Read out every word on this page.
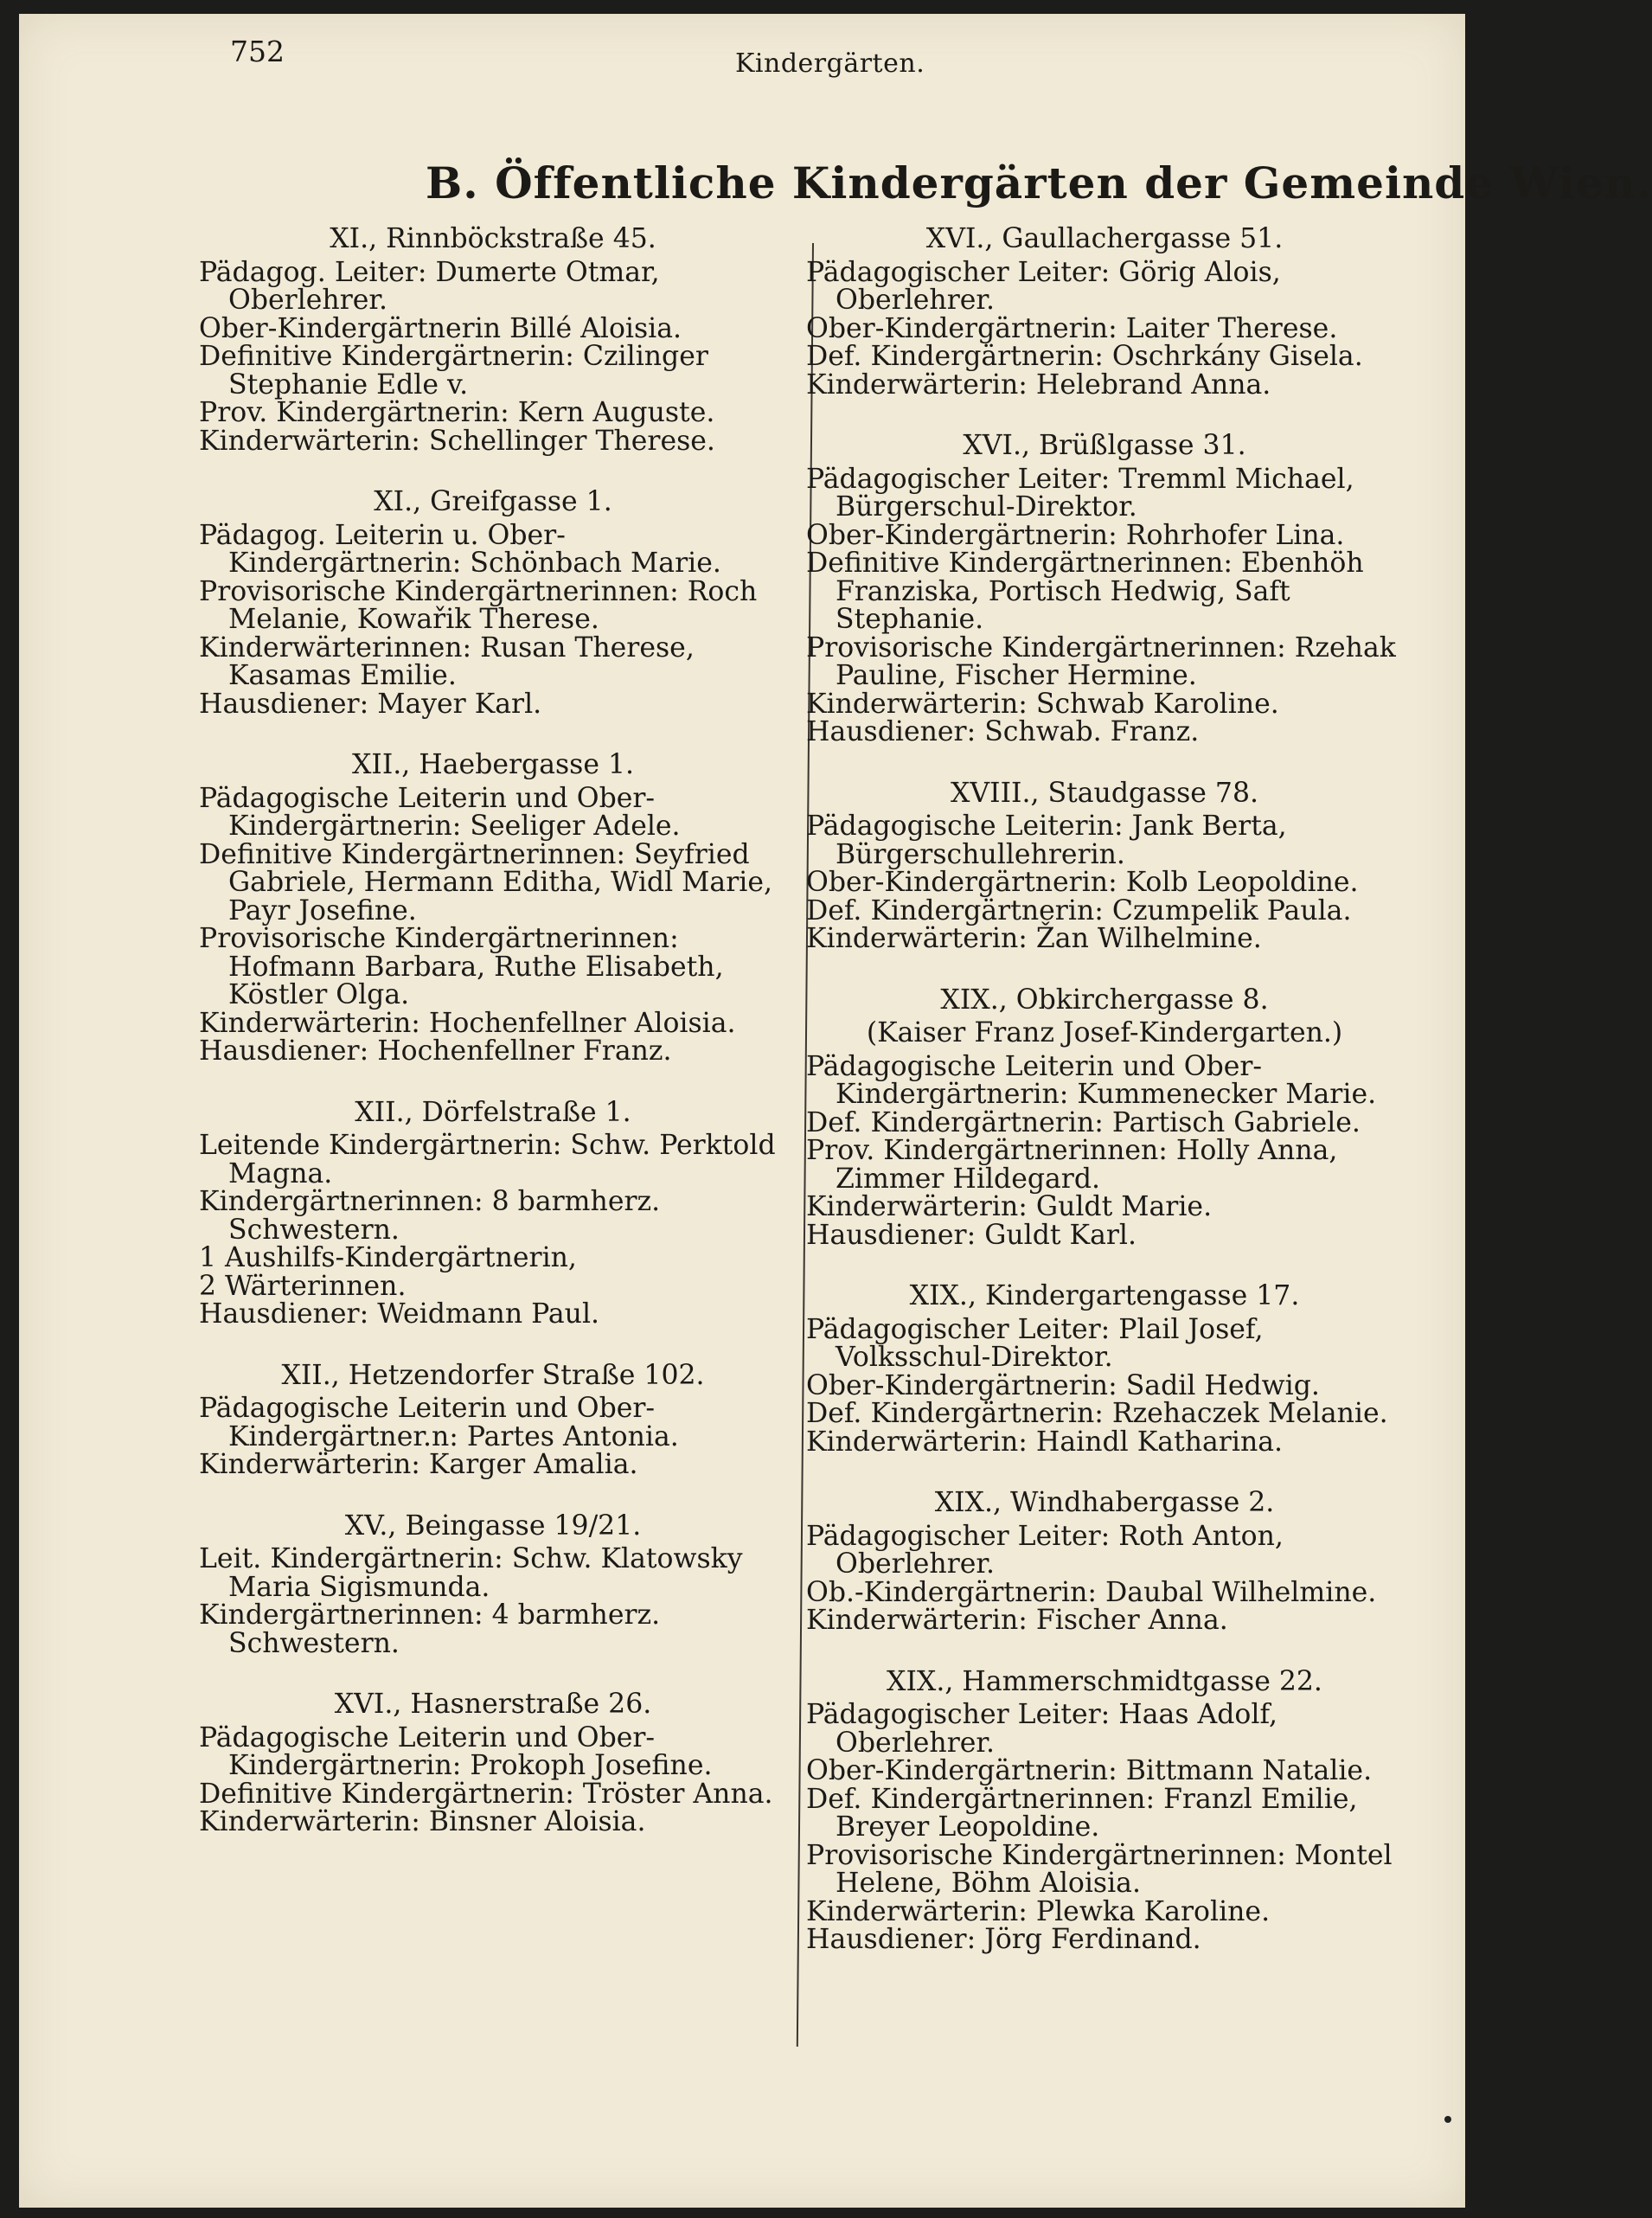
752	Kindergärten.
B. Öffentliche Kindergärten der Gemeinde Wien.
XI., Rinnböckstraße 45.
Pädagog. Leiter: Dumerte Otmar, Oberlehrer.
Ober-Kindergärtnerin Billé Aloisia.
Definitive Kindergärtnerin: Czilinger Stephanie Edle v.
Prov. Kindergärtnerin: Kern Auguste.
Kinderwärterin: Schellinger Therese.
XI., Greifgasse 1.
Pädagog. Leiterin u. Ober-Kindergärtnerin: Schönbach Marie.
Provisorische Kindergärtnerinnen: Roch Melanie, Kowařik Therese.
Kinderwärterinnen: Rusan Therese, Kasamas Emilie.
Hausdiener: Mayer Karl.
XII., Haebergasse 1.
Pädagogische Leiterin und Ober-Kindergärtnerin: Seeliger Adele.
Definitive Kindergärtnerinnen: Seyfried Gabriele, Hermann Editha, Widl Marie, Payr Josefine.
Provisorische Kindergärtnerinnen: Hofmann Barbara, Ruthe Elisabeth, Köstler Olga.
Kinderwärterin: Hochenfellner Aloisia.
Hausdiener: Hochenfellner Franz.
XII., Dörfelstraße 1.
Leitende Kindergärtnerin: Schw. Perktold Magna.
Kindergärtnerinnen: 8 barmherz. Schwestern.
1 Aushilfs-Kindergärtnerin,
2 Wärterinnen.
Hausdiener: Weidmann Paul.
XII., Hetzendorfer Straße 102.
Pädagogische Leiterin und Ober-Kindergärtner.n: Partes Antonia.
Kinderwärterin: Karger Amalia.
XV., Beingasse 19/21.
Leit. Kindergärtnerin: Schw. Klatowsky Maria Sigismunda.
Kindergärtnerinnen: 4 barmherz. Schwestern.
XVI., Hasnerstraße 26.
Pädagogische Leiterin und Ober-Kindergärtnerin: Prokoph Josefine.
Definitive Kindergärtnerin: Tröster Anna.
Kinderwärterin: Binsner Aloisia.
XVI., Gaullachergasse 51.
Pädagogischer Leiter: Görig Alois, Oberlehrer.
Ober-Kindergärtnerin: Laiter Therese.
Def. Kindergärtnerin: Oschrkány Gisela.
Kinderwärterin: Helebrand Anna.
XVI., Brüßlgasse 31.
Pädagogischer Leiter: Tremml Michael, Bürgerschul-Direktor.
Ober-Kindergärtnerin: Rohrhofer Lina.
Definitive Kindergärtnerinnen: Ebenhöh Franziska, Portisch Hedwig, Saft Stephanie.
Provisorische Kindergärtnerinnen: Rzehak Pauline, Fischer Hermine.
Kinderwärterin: Schwab Karoline.
Hausdiener: Schwab. Franz.
XVIII., Staudgasse 78.
Pädagogische Leiterin: Jank Berta, Bürgerschullehrerin.
Ober-Kindergärtnerin: Kolb Leopoldine.
Def. Kindergärtnerin: Czumpelik Paula.
Kinderwärterin: Žan Wilhelmine.
XIX., Obkirchergasse 8.
(Kaiser Franz Josef-Kindergarten.)
Pädagogische Leiterin und Ober-Kindergärtnerin: Kummenecker Marie.
Def. Kindergärtnerin: Partisch Gabriele.
Prov. Kindergärtnerinnen: Holly Anna, Zimmer Hildegard.
Kinderwärterin: Guldt Marie.
Hausdiener: Guldt Karl.
XIX., Kindergartengasse 17.
Pädagogischer Leiter: Plail Josef, Volksschul-Direktor.
Ober-Kindergärtnerin: Sadil Hedwig.
Def. Kindergärtnerin: Rzehaczek Melanie.
Kinderwärterin: Haindl Katharina.
XIX., Windhabergasse 2.
Pädagogischer Leiter: Roth Anton, Oberlehrer.
Ob.-Kindergärtnerin: Daubal Wilhelmine.
Kinderwärterin: Fischer Anna.
XIX., Hammerschmidtgasse 22.
Pädagogischer Leiter: Haas Adolf, Oberlehrer.
Ober-Kindergärtnerin: Bittmann Natalie.
Def. Kindergärtnerinnen: Franzl Emilie, Breyer Leopoldine.
Provisorische Kindergärtnerinnen: Montel Helene, Böhm Aloisia.
Kinderwärterin: Plewka Karoline.
Hausdiener: Jörg Ferdinand.
